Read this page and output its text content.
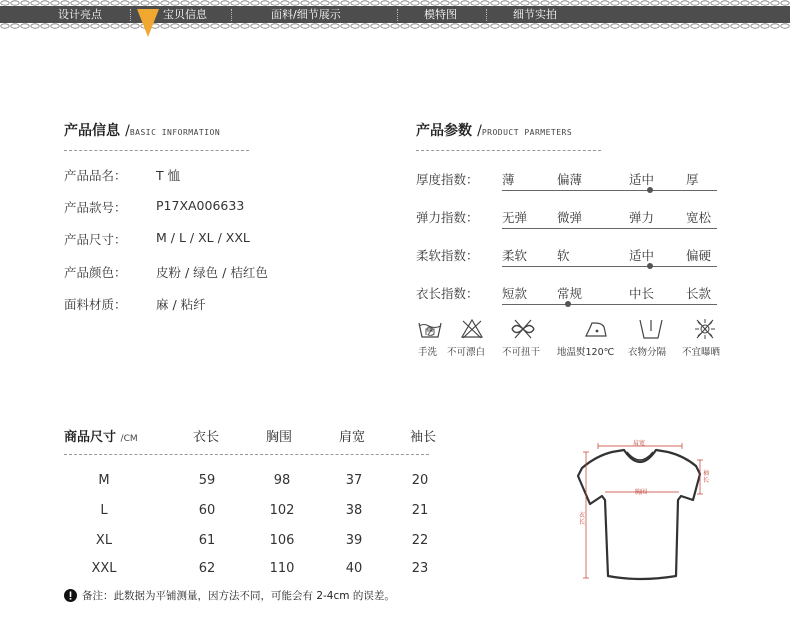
设计亮点	宝贝信息	面料/细节展示	模特图	细节实拍
产品信息 /BASIC INFORMATION
产品品名： T 恤
产品款号： P17XA006633
产品尺寸： M / L / XL / XXL
产品颜色： 皮粉 / 绿色 / 桔红色
面料材质： 麻 / 粘纤
产品参数 /PRODUCT PARMETERS
厚度指数： 薄	偏薄	适中	厚
弹力指数： 无弹 微弹	弹力	宽松
柔软指数： 柔软 软	适中	偏硬
衣长指数： 短款 常规	中长	长款
手洗 不可漂白 不可扭干 地温熨120℃ 衣物分隔 不宜曝晒
商品尺寸 /CM	衣长	胸围	肩宽	袖长
M	59	98	37	20
L	60	102	38	21
XL	61	106	39	22
XXL	62	110	40	23
备注：此数据为平铺测量，因方法不同，可能会有 2-4cm 的误差。
肩宽
胸围
袖长
衣长
